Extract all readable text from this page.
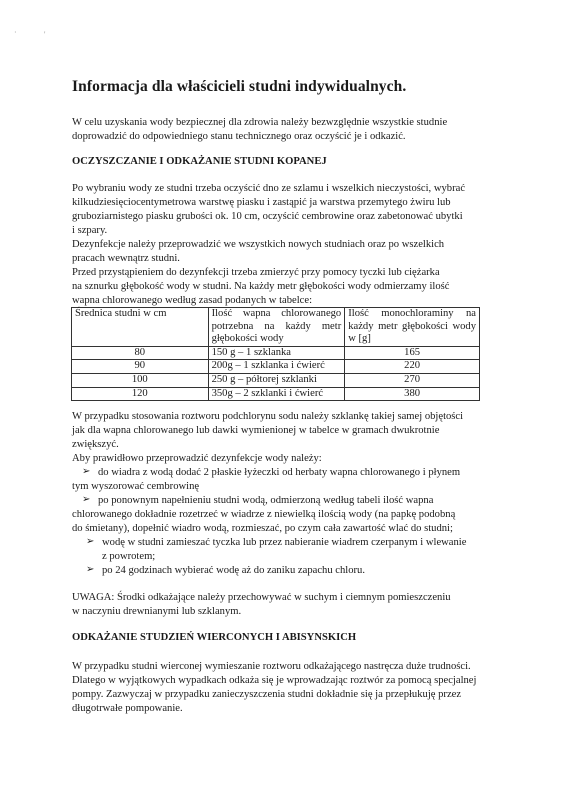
·	'
Informacja dla właścicieli studni indywidualnych.

W celu uzyskania wody bezpiecznej dla zdrowia należy bezwzględnie wszystkie studnie

doprowadzić do odpowiedniego stanu technicznego oraz oczyścić je i odkazić.

OCZYSZCZANIE I ODKAŻANIE STUDNI KOPANEJ

Po wybraniu wody ze studni trzeba oczyścić dno ze szlamu i wszelkich nieczystości, wybrać

kilkudziesięciocentymetrowa warstwę piasku i zastąpić ja warstwa przemytego żwiru lub

gruboziarnistego piasku grubości ok. 10 cm, oczyścić cembrowine oraz zabetonować ubytki

i szpary.

Dezynfekcje należy przeprowadzić we wszystkich nowych studniach oraz po wszelkich

pracach wewnątrz studni.

Przed przystąpieniem do dezynfekcji trzeba zmierzyć przy pomocy tyczki lub ciężarka

na sznurku głębokość wody w studni. Na każdy metr głębokości wody odmierzamy ilość

wapna chlorowanego według zasad podanych w tabelce:

Średnica studni w cm	Ilość wapna chlorowanego potrzebna na każdy metr głębokości wody	Ilość monochloraminy na każdy metr głębokości wody w [g]
80	150 g – 1 szklanka	165
90	200g – 1 szklanka i ćwierć	220
100	250 g – półtorej szklanki	270
120	350g – 2 szklanki i ćwierć	380

W przypadku stosowania roztworu podchlorynu sodu należy szklankę takiej samej objętości

jak dla wapna chlorowanego lub dawki wymienionej w tabelce w gramach dwukrotnie

zwiększyć.

Aby prawidłowo przeprowadzić dezynfekcje wody należy:

➢ do wiadra z wodą dodać 2 płaskie łyżeczki od herbaty wapna chlorowanego i płynem

tym wyszorować cembrowinę

➢ po ponownym napełnieniu studni wodą, odmierzoną według tabeli ilość wapna

chlorowanego dokładnie rozetrzeć w wiadrze z niewielką ilością wody (na papkę podobną

do śmietany), dopełnić wiadro wodą, rozmieszać, po czym cała zawartość wlać do studni;

➢ wodę w studni zamieszać tyczka lub przez nabieranie wiadrem czerpanym i wlewanie

z powrotem;

➢ po 24 godzinach wybierać wodę aż do zaniku zapachu chloru.

UWAGA: Środki odkażające należy przechowywać w suchym i ciemnym pomieszczeniu

w naczyniu drewnianymi lub szklanym.

ODKAŻANIE STUDZIEŃ WIERCONYCH I ABISYNSKICH

W przypadku studni wierconej wymieszanie roztworu odkażającego nastręcza duże trudności.

Dlatego w wyjątkowych wypadkach odkaża się je wprowadzając roztwór za pomocą specjalnej

pompy. Zazwyczaj w przypadku zanieczyszczenia studni dokładnie się ja przepłukuję przez

długotrwałe pompowanie.
